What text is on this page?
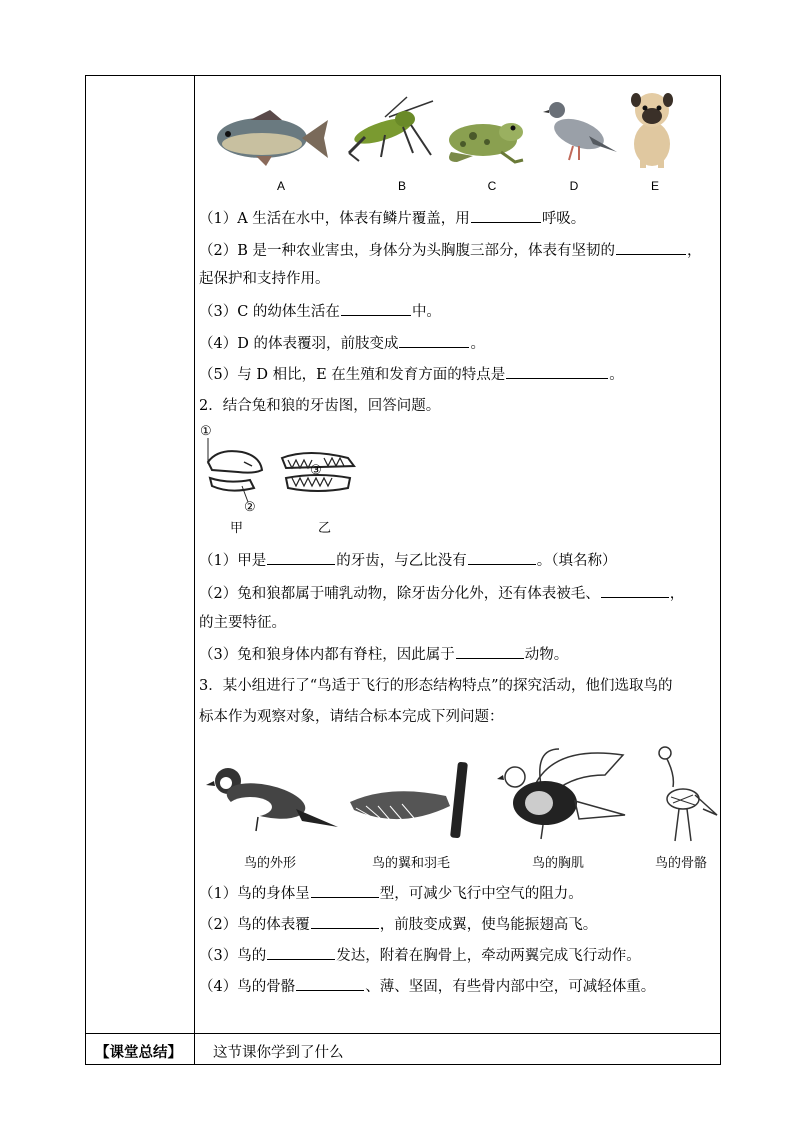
A	B	C	D	E
（1）A 生活在水中，体表有鳞片覆盖，用	呼吸。
（2）B 是一种农业害虫，身体分为头胸腹三部分，体表有坚韧的	，
起保护和支持作用。
（3）C 的幼体生活在	中。
（4）D 的体表覆羽，前肢变成	。
（5）与 D 相比，E 在生殖和发育方面的特点是	。
2．结合兔和狼的牙齿图，回答问题。
①
②
③
甲	乙
（1）甲是	的牙齿，与乙比没有	。（填名称）
（2）兔和狼都属于哺乳动物，除牙齿分化外，还有体表被毛、	，
的主要特征。
（3）兔和狼身体内都有脊柱，因此属于	动物。
3．某小组进行了“鸟适于飞行的形态结构特点”的探究活动，他们选取鸟的
标本作为观察对象，请结合标本完成下列问题：
鸟的外形	鸟的翼和羽毛	鸟的胸肌	鸟的骨骼
（1）鸟的身体呈	型，可减少飞行中空气的阻力。
（2）鸟的体表覆	，前肢变成翼，使鸟能振翅高飞。
（3）鸟的	发达，附着在胸骨上，牵动两翼完成飞行动作。
（4）鸟的骨骼	、薄、坚固，有些骨内部中空，可减轻体重。
【课堂总结】 这节课你学到了什么
